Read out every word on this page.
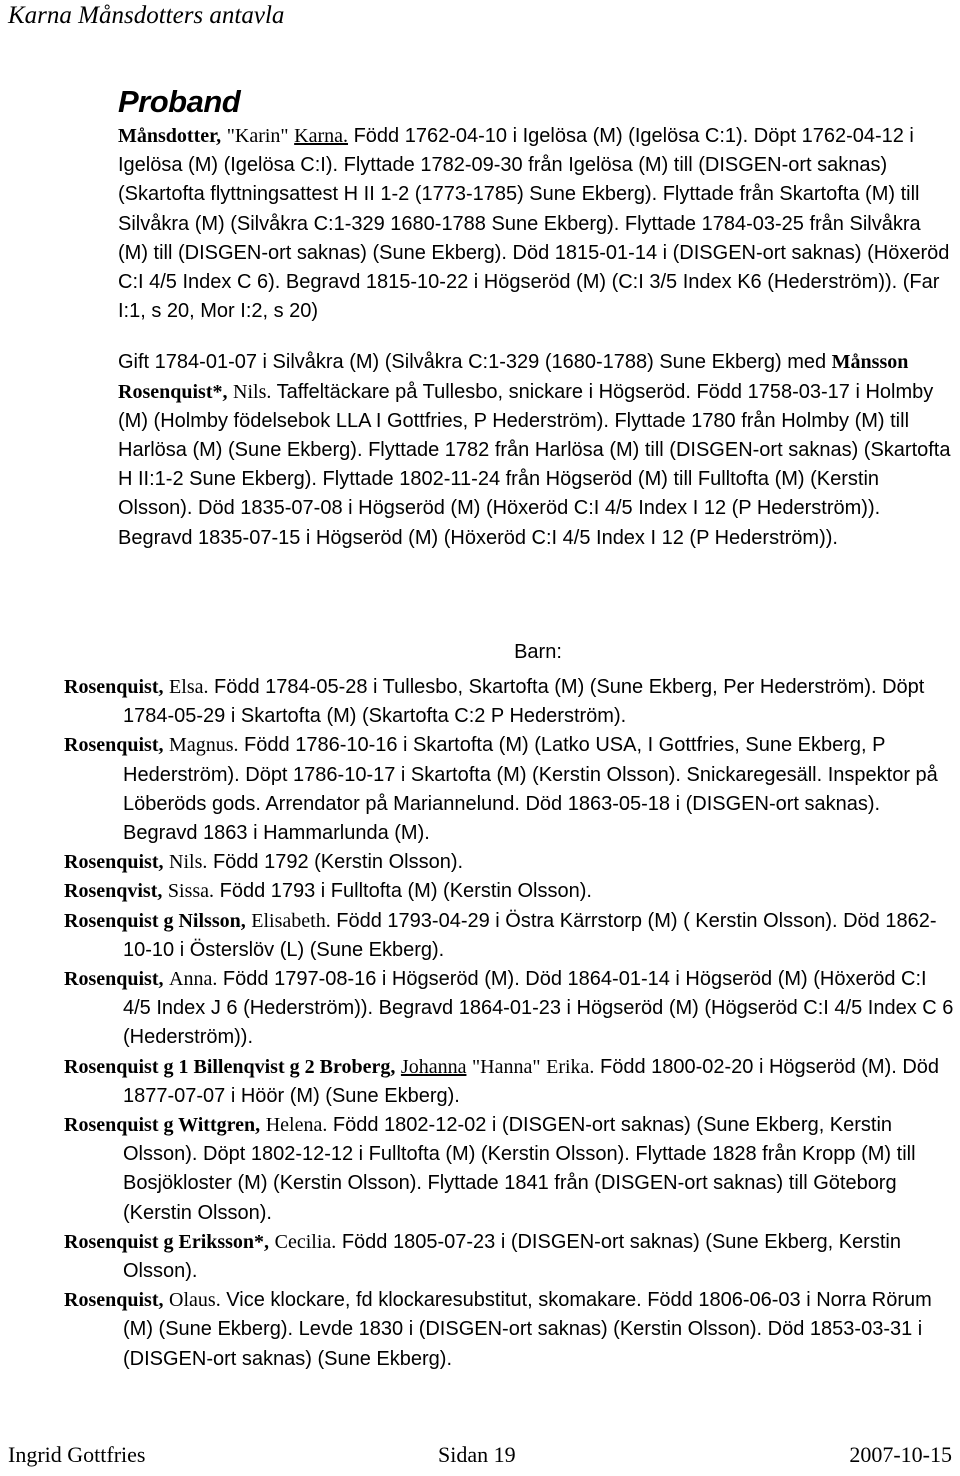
Karna Månsdotters antavla
Proband

Månsdotter, "Karin" Karna. Född 1762-04-10 i Igelösa (M) (Igelösa C:1). Döpt 1762-04-12 i Igelösa (M) (Igelösa C:I). Flyttade 1782-09-30 från Igelösa (M) till (DISGEN-ort saknas) (Skartofta flyttningsattest H II 1-2 (1773-1785) Sune Ekberg). Flyttade från Skartofta (M) till Silvåkra (M) (Silvåkra C:1-329 1680-1788 Sune Ekberg). Flyttade 1784-03-25 från Silvåkra (M) till (DISGEN-ort saknas) (Sune Ekberg). Död 1815-01-14 i (DISGEN-ort saknas) (Höxeröd C:I 4/5 Index C 6). Begravd 1815-10-22 i Högseröd (M) (C:I 3/5 Index K6 (Hederström)). (Far I:1, s 20, Mor I:2, s 20)

Gift 1784-01-07 i Silvåkra (M) (Silvåkra C:1-329 (1680-1788) Sune Ekberg) med Månsson Rosenquist*, Nils. Taffeltäckare på Tullesbo, snickare i Högseröd. Född 1758-03-17 i Holmby (M) (Holmby födelsebok LLA I Gottfries, P Hederström). Flyttade 1780 från Holmby (M) till Harlösa (M) (Sune Ekberg). Flyttade 1782 från Harlösa (M) till (DISGEN-ort saknas) (Skartofta H II:1-2 Sune Ekberg). Flyttade 1802-11-24 från Högseröd (M) till Fulltofta (M) (Kerstin Olsson). Död 1835-07-08 i Högseröd (M) (Höxeröd C:I 4/5 Index I 12 (P Hederström)). Begravd 1835-07-15 i Högseröd (M) (Höxeröd C:I 4/5 Index I 12 (P Hederström)).

Barn:

Rosenquist, Elsa. Född 1784-05-28 i Tullesbo, Skartofta (M) (Sune Ekberg, Per Hederström). Döpt 1784-05-29 i Skartofta (M) (Skartofta C:2 P Hederström).

Rosenquist, Magnus. Född 1786-10-16 i Skartofta (M) (Latko USA, I Gottfries, Sune Ekberg, P Hederström). Döpt 1786-10-17 i Skartofta (M) (Kerstin Olsson). Snickaregesäll. Inspektor på Löberöds gods. Arrendator på Mariannelund. Död 1863-05-18 i (DISGEN-ort saknas). Begravd 1863 i Hammarlunda (M).

Rosenquist, Nils. Född 1792 (Kerstin Olsson).

Rosenqvist, Sissa. Född 1793 i Fulltofta (M) (Kerstin Olsson).

Rosenquist g Nilsson, Elisabeth. Född 1793-04-29 i Östra Kärrstorp (M) ( Kerstin Olsson). Död 1862-10-10 i Österslöv (L) (Sune Ekberg).

Rosenquist, Anna. Född 1797-08-16 i Högseröd (M). Död 1864-01-14 i Högseröd (M) (Höxeröd C:I 4/5 Index J 6 (Hederström)). Begravd 1864-01-23 i Högseröd (M) (Högseröd C:I 4/5 Index C 6 (Hederström)).

Rosenquist g 1 Billenqvist g 2 Broberg, Johanna "Hanna" Erika. Född 1800-02-20 i Högseröd (M). Död 1877-07-07 i Höör (M) (Sune Ekberg).

Rosenquist g Wittgren, Helena. Född 1802-12-02 i (DISGEN-ort saknas) (Sune Ekberg, Kerstin Olsson). Döpt 1802-12-12 i Fulltofta (M) (Kerstin Olsson). Flyttade 1828 från Kropp (M) till Bosjökloster (M) (Kerstin Olsson). Flyttade 1841 från (DISGEN-ort saknas) till Göteborg (Kerstin Olsson).

Rosenquist g Eriksson*, Cecilia. Född 1805-07-23 i (DISGEN-ort saknas) (Sune Ekberg, Kerstin Olsson).

Rosenquist, Olaus. Vice klockare, fd klockaresubstitut, skomakare. Född 1806-06-03 i Norra Rörum (M) (Sune Ekberg). Levde 1830 i (DISGEN-ort saknas) (Kerstin Olsson). Död 1853-03-31 i (DISGEN-ort saknas) (Sune Ekberg).

Ingrid Gottfries	Sidan 19	2007-10-15
